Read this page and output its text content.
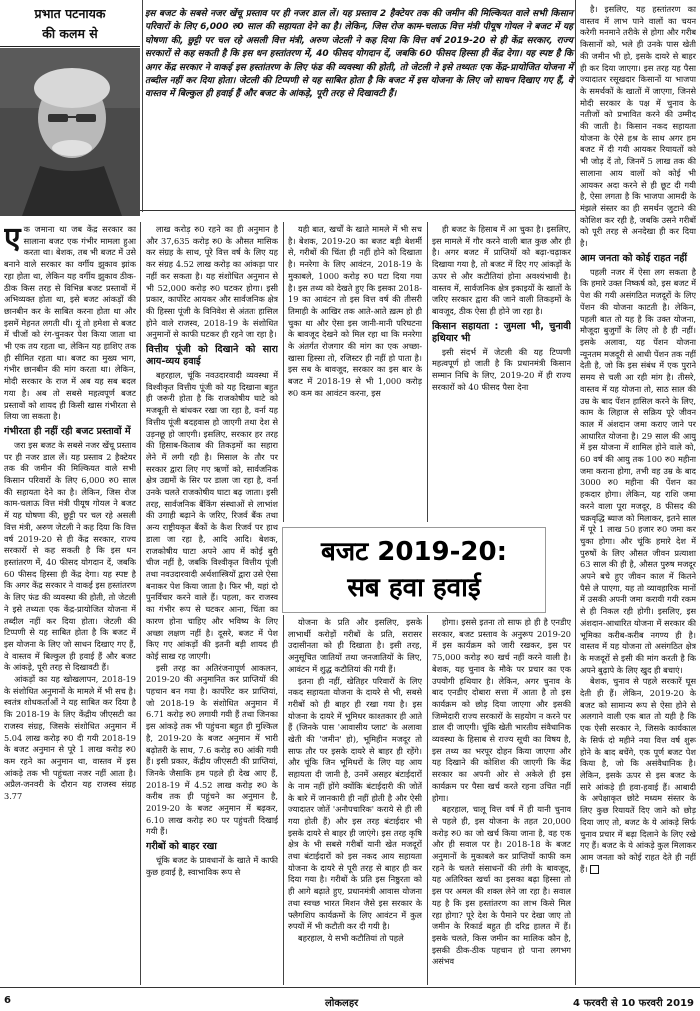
प्रभात पटनायक
की कलम से
इस बजट के सबसे नजर खेंचू प्रस्ताव पर ही नजर डाल लें। यह प्रस्ताव 2 हैक्टेयर तक की जमीन की मिल्कियत वाले सभी किसान परिवारों के लिए 6,000 रु0 साल की सहायता देने का है। लेकिन, जिस रोज काम-चलाऊ वित्त मंत्री पीयूष गोयल ने बजट में यह घोषणा की, छुट्टी पर चल रहे असली वित्त मंत्री, अरुण जेटली ने कह दिया कि वित्त वर्ष 2019-20 से ही केंद्र सरकार, राज्य सरकारों से कह सकती है कि इस धन हस्तांतरण में, 40 फीसद योगदान दें, जबकि 60 फीसद हिस्सा ही केंद्र देगा। यह स्पष्ट है कि अगर केंद्र सरकार ने वाकई इस हस्तांतरण के लिए फंड की व्यवस्था की होती, तो जेटली ने इसे तथ्यतः एक केंद्र-प्रायोजित योजना में तब्दील नहीं कर दिया होता। जेटली की टिप्पणी से यह साबित होता है कि बजट में इस योजना के लिए जो साधन दिखाए गए हैं, वे वास्तव में बिल्कुल ही हवाई हैं और बजट के आंकड़े, पूरी तरह से दिखावटी हैं।
एक जमाना था जब केंद्र सरकार का सालाना बजट एक गंभीर मामला हुआ करता था। बेशक, तब भी बजट में उसे बनाने वाले सरकार का वर्गीय झुकाव झांक रहा होता था, लेकिन यह वर्गीय झुकाव ठीक-ठीक किस तरह से विभिन्न बजट प्रस्तावों में अभिव्यक्त होता था, इसे बजट आंकड़ों की छानबीन कर के साबित करना होता था और इसमें मेहनत लगती थी। यूं तो हमेशा से बजट में चीजों को रंग-चुनकर पेश किया जाता था भी एक तय रहता था, लेकिन यह हाशिए तक ही सीमित रहता था। बजट का मुख्य भाग, गंभीर छानबीन की मांग करता था। लेकिन, मोदी सरकार के राज में अब यह सब बदल गया है। अब तो सबसे महत्वपूर्ण बजट प्रस्तावों को शायद ही किसी खास गंभीरता से लिया जा सकता है।
गंभीरता ही नहीं रही बजट प्रस्तावों में
जरा इस बजट के सबसे नजर खेंचू प्रस्ताव पर ही नजर डाल लें। यह प्रस्ताव 2 हैक्टेयर तक की जमीन की मिल्कियत वाले सभी किसान परिवारों के लिए 6,000 रु0 साल की सहायता देने का है। लेकिन, जिस रोज काम-चलाऊ वित्त मंत्री पीयूष गोयल ने बजट में यह घोषणा की, छुट्टी पर चल रहे असली वित्त मंत्री, अरुण जेटली ने कह दिया कि वित्त वर्ष 2019-20 से ही केंद्र सरकार, राज्य सरकारों से कह सकती है कि इस धन हस्तांतरण में, 40 फीसद योगदान दें, जबकि 60 फीसद हिस्सा ही केंद्र देगा। यह स्पष्ट है कि अगर केंद्र सरकार ने वाकई इस हस्तांतरण के लिए फंड की व्यवस्था की होती, तो जेटली ने इसे तथ्यतः एक केंद्र-प्रायोजित योजना में तब्दील नहीं कर दिया होता। जेटली की टिप्पणी से यह साबित होता है कि बजट में इस योजना के लिए जो साधन दिखाए गए हैं, वे वास्तव में बिल्कुल ही हवाई हैं और बजट के आंकड़े, पूरी तरह से दिखावटी हैं।
आंकड़ों का यह खोखलापन, 2018-19 के संशोधित अनुमानों के मामले में भी सच है। स्वतंत्र शोधकर्ताओं ने यह साबित कर दिया है कि 2018-19 के लिए केंद्रीय जीएसटी का राजस्व संग्रह, जिसके संशोधित अनुमान में 5.04 लाख करोड़ रु0 दी गयी 2018-19 के बजट अनुमान से पूरे 1 लाख करोड़ रु0 कम रहने का अनुमान था, वास्तव में इस आंकड़े तक भी पहुंचता नजर नहीं आता है। अप्रैल-जनवरी के दौरान यह राजस्व संग्रह 3.77
लाख करोड़ रु0 रहने का ही अनुमान है और 37,635 करोड़ रु0 के औसत मासिक कर संग्रह के साथ, पूरे वित्त वर्ष के लिए यह कर संग्रह 4.52 लाख करोड़ का आंकड़ा पार नहीं कर सकता है। यह संशोधित अनुमान से भी 52,000 करोड़ रु0 घटकर होगा। इसी प्रकार, कार्पोरेट आयकर और सार्वजनिक क्षेत्र की हिस्सा पूंजी के विनिवेश से अंततः हासिल होने वाले राजस्व, 2018-19 के संशोधित अनुमानों से काफी घटकर ही रहने जा रहा है।
वित्तीय पूंजी को दिखाने को सारा आय-व्यय हवाई
बहरहाल, चूंकि नवउदारवादी व्यवस्था में विश्वीकृत वित्तीय पूंजी को यह दिखाना बहुत ही जरूरी होता है कि राजकोषीय घाटे को मजबूती से बांधकर रखा जा रहा है, वर्ना यह वित्तीय पूंजी बदहवास हो जाएगी तथा देश से उड़नछू हो जाएगी। इसलिए, सरकार हर तरह की हिसाब-किताब की तिकड़मों का सहारा लेने में लगी रही है। मिसाल के तौर पर सरकार द्वारा लिए गए ऋणों को, सार्वजनिक क्षेत्र उद्यमों के सिर पर डाला जा रहा है, वर्ना उनके चलते राजकोषीय घाटा बढ़ जाता। इसी तरह, सार्वजनिक बैंकिंग संस्थाओं से लाभांश की उगाही बढ़ाने के जरिए, रिजर्व बैंक तथा अन्य राष्ट्रीयकृत बैंकों के कैश रिजर्व पर हाथ डाला जा रहा है, आदि आदि। बेशक, राजकोषीय घाटा अपने आप में कोई बुरी चीज नहीं है, जबकि विश्वीकृत वित्तीय पूंजी तथा नवउदारवादी अर्थशास्त्रियों द्वारा उसे ऐसा बनाकर पेश किया जाता है। फिर भी, यहां दो पुनर्विचार करने वाले हैं। पहला, कर राजस्व का गंभीर रूप से घटकर आना, चिंता का कारण होना चाहिए और भविष्य के लिए अच्छा लक्षण नहीं है। दूसरे, बजट में पेश किए गए आंकड़ों की इतनी बड़ी शायद ही कोई साख रह जाएगी।
इसी तरह का अतिरंजनापूर्ण आकलन, 2019-20 की अनुमानित कर प्राप्तियों की पहचान बन गया है। कार्पोरेट कर प्राप्तियां, जो 2018-19 के संशोधित अनुमान में 6.71 करोड़ रु0 लगायी गयी हैं तथा जिनका इस आंकड़े तक भी पहुंचना बहुत ही मुश्किल है, 2019-20 के बजट अनुमान में भारी बढ़ोतरी के साथ, 7.6 करोड़ रु0 आंकी गयी हैं। इसी प्रकार, केंद्रीय जीएसटी की प्राप्तियां, जिनके जैसाकि हम पहले ही देख आए हैं, 2018-19 में 4.52 लाख करोड़ रु0 के करीब तक ही पहुंचने का अनुमान है, 2019-20 के बजट अनुमान में बढ़कर, 6.10 लाख करोड़ रु0 पर पहुंचती दिखाई गयी हैं।
गरीबों को बाहर रखा
चूंकि बजट के प्रावधानों के खाते में काफी कुछ हवाई है, स्वाभाविक रूप से
यही बात, खर्चों के खाते मामले में भी सच है। बेशक, 2019-20 का बजट बड़ी बेशर्मी से, गरीबों की चिंता ही नहीं होने को दिखाता है। मनरेगा के लिए आवंटन, 2018-19 के मुकाबले, 1000 करोड़ रु0 घटा दिया गया है। इस तथ्य को देखते हुए कि इसका 2018-19 का आवंटन तो इस वित्त वर्ष की तीसरी तिमाही के आखिर तक आते-आते ख़त्म हो ही चुका था और ऐसा इस जानी-मानी परिघटना के बावजूद देखने को मिल रहा था कि मनरेगा के अंतर्गत रोजगार की मांग का एक अच्छा-खासा हिस्सा तो, रजिस्टर ही नहीं हो पाता है। इस सब के बावजूद, सरकार का इस बार के बजट में 2018-19 से भी 1,000 करोड़ रु0 कम का आवंटन करना, इस
ही बजट के हिसाब में आ चुका है। इसलिए, इस मामले में गौर करने वाली बात कुछ और ही है। अगर बजट में प्राप्तियों को बढ़ा-चढ़ाकर दिखाया गया है, तो बजट में दिए गए आंकड़ों के ऊपर से और कटौतियां होना अवश्यंभावी है। वास्तव में, सार्वजनिक क्षेत्र इकाइयों के खातों के जरिए सरकार द्वारा की जाने वाली तिकड़मों के बावजूद, ठीक ऐसा ही होने जा रहा है।
किसान सहायता : जुमला भी, चुनावी हथियार भी
इसी संदर्भ में जेटली की यह टिप्पणी महत्वपूर्ण हो जाती है कि प्रधानमंत्री किसान सम्मान निधि के लिए, 2019-20 में ही राज्य सरकारों को 40 फीसद पैसा देना
योजना के प्रति और इसलिए, इसके लाभार्थी करोड़ों गरीबों के प्रति, सरासर उदासीनता को ही दिखाता है। इसी तरह, अनुसूचित जातियों तथा जनजातियों के लिए, आवंटन में शुद्ध कटौतियां की गयी हैं।
इतना ही नहीं, खेतिहर परिवारों के लिए नकद सहायता योजना के दायरे से भी, सबसे गरीबों को ही बाहर ही रखा गया है। इस योजना के दायरे में भूमिधर काश्तकार ही आते हैं (जिनके पास 'आवासीय प्लाट' के अलावा खेती की 'जमीन' हो), भूमिहीन मजदूर तो साफ तौर पर इसके दायरे से बाहर ही रहेंगे। और चूंकि जिन भूमिधरों के लिए यह आय सहायता दी जानी है, उनमें असहर बंटाईदारों के नाम नहीं होंगे क्योंकि बंटाईदारी की जोतें के बारे में जानकारी ही नहीं होती है और ऐसी ज्यादातर जोतें 'अनौपचारिक' कराये से ही ली गया होती हैं) और इस तरह बंटाईदार भी इसके दायरे से बाहर ही जाएंगे। इस तरह कृषि क्षेत्र के भी सबसे गरीबों यानी खेत मजदूरों तथा बंटाईदारों को इस नकद आय सहायता योजना के दायरे से पूरी तरह से बाहर ही कर दिया गया है। गरीबों के प्रति इस निष्ठुरता को ही आगे बढ़ाते हुए, प्रधानमंत्री आवास योजना तथा स्वच्छ भारत मिशन जैसे इस सरकार के फ्लैगशिप कार्यक्रमों के लिए आवंटन में कुल रुपयों में भी कटौती कर दी गयी है।
बहरहाल, ये सभी कटौतियां तो पहले
होगा। इससे इतना तो साफ हो ही है एनडीए सरकार, बजट प्रस्ताव के अनुरूप 2019-20 में इस कार्यक्रम को जारी रखकर, इस पर 75,000 करोड़ रु0 खर्च नहीं करने वाली है। बेशक, यह चुनाव के मौके पर प्रचार का एक उपयोगी हथियार है। लेकिन, अगर चुनाव के बाद एनडीए दोबारा सत्ता में आता है तो इस कार्यक्रम को छोड़ दिया जाएगा और इसकी जिम्मेदारी राज्य सरकारों के सहयोग न करने पर डाल दी जाएगी। चूंकि खेती भारतीय संवैधानिक व्यवस्था के हिसाब से राज्य सूची का विषय है, इस तथ्य का भरपूर दोहन किया जाएगा और यह दिखाने की कोशिश की जाएगी कि केंद्र सरकार का अपनी ओर से अकेले ही इस कार्यक्रम पर पैसा खर्च करते रहना उचित नहीं होगा।
बहरहाल, चालू वित्त वर्ष में ही यानी चुनाव से पहले ही, इस योजना के तहत 20,000 करोड़ रु0 का जो खर्च किया जाना है, वह एक और ही सवाल पर है। 2018-18 के बजट अनुमानों के मुकाबले कर प्राप्तियों काफी कम रहने के चलते संसाधनों की तंगी के बावजूद, यह अतिरिक्त खर्चा का इसका बढ़ा हिस्सा तो इस पर अमल की शक्ल लेने जा रहा है। सवाल यह है कि इस हस्तांतरण का लाभ किसे मिल रहा होगा? पूरे देश के पैमाने पर देखा जाए तो जमीन के रिकार्ड बहुत ही दरिद्र हालत में हैं। इसके चलते, किस जमीन का मालिक कौन है, इसकी ठीक-ठीक पहचान हो पाना लगभग असंभव
है। इसलिए, यह हस्तांतरण का वास्तव में लाभ पाने वालों का चयन करेगी मनमाने तरीके से होगा और गरीब किसानों को, भले ही उनके पास खेती की जमीन भी हो, इसके दायरे से बाहर ही कर दिया जाएगा। इस तरह यह पैसा ज्यादातर रसूखदार किसानों या भाजपा के समर्थकों के खातों में जाएगा, जिनसे मोदी सरकार के पक्ष में चुनाव के नतीजों को प्रभावित करने की उम्मीद की जाती है। किसान नकद सहायता योजना के ऐसे हश्र के साथ अगर हम बजट में दी गयी आयकर रियायतों को भी जोड़ दें तो, जिनमें 5 लाख तक की सालाना आय वालों को कोई भी आयकर अदा करने से ही छूट दी गयी है, ऐसा लगता है कि भाजपा आमदी के मंझले संस्तर का ही समर्थन जुटाने की कोशिश कर रही है, जबकि उसने गरीबों को पूरी तरह से अनदेखा ही कर दिया है।
आम जनता को कोई राहत नहीं
पहली नजर में ऐसा लग सकता है कि हमारे उक्त निष्कर्ष को, इस बजट में पेश की गयी असंगठित मजदूरों के लिए पेंशन की योजना काटती है। लेकिन, पहली बात तो यह है कि उक्त योजना, मौजूदा बुजुर्गों के लिए तो है ही नहीं। इसके अलावा, यह पेंशन योजना न्यूनतम मजदूरी से आधी पेंशन तक नहीं देती है, जो कि इस संबंध में एक पुराने समय से चली आ रही मांग है। तीसरे, वास्तव में यह योजना तो, साठ साल की उम्र के बाद पेंशन हासिल करने के लिए, काम के लिहाज से सक्रिय पूरे जीवन काल में अंशदान जमा कराए जाने पर आधारित योजना है। 29 साल की आयु में इस योजना में शामिल होने वाले को, 60 वर्ष की आयु तक 100 रु0 महीना जमा कराना होगा, तभी वह उम्र के बाद 3000 रु0 महीना की पेंशन का हकदार होगा। लेकिन, यह राशि जमा करने वाला पूरा मजदूर, 8 फीसद की चक्रवृद्धि ब्याज को मिलाकर, इतने साल में पूरे 1 लाख 50 हजार रु0 जमा कर चुका होगा। और चूंकि हमारे देश में पुरुषों के लिए औसत जीवन प्रत्याशा 63 साल की ही है, औसत पुरुष मजदूर अपने बचे हुए जीवन काल में कितने पैसे ले पाएगा, यह तो व्यावहारिक मानों में उसकी अपनी जमा करायी गयी रकम से ही निकल रही होगी। इसलिए, इस अंशदान-आधारित योजना में सरकार की भूमिका करीब-करीब नगण्य ही है। वास्तव में यह योजना तो असंगठित क्षेत्र के मजदूरों से इसी की मांग करती है कि अपने बुढ़ापे के लिए खुद ही बचाएं।
बेशक, चुनाव से पहले सरकारें घूस देती ही हैं। लेकिन, 2019-20 के बजट को सामान्य रूप से ऐसा होने से अलगाने वाली एक बात तो यही है कि एक ऐसी सरकार ने, जिसके कार्यकाल के सिर्फ दो महीने नया वित्त वर्ष शुरू होने के बाद बचेंगे, एक पूर्ण बजट पेश किया है, जो कि असंवैधानिक है। लेकिन, इसके ऊपर से इस बजट के सारे आंकड़े ही हवा-हवाई हैं। आबादी के अपेक्षाकृत छोटे मध्यम संस्तर के लिए कुछ रियायतें दिए जाने को छोड़ दिया जाए तो, बजट के ये आंकड़े सिर्फ चुनाव प्रचार में बढ़ा दिलाने के लिए रखे गए हैं। बजट के ये आंकड़े कुल मिलाकर आम जनता को कोई राहत देते ही नहीं हैं।
बजट 2019-20:
सब हवा हवाई
6	लोकलहर	4 फरवरी से 10 फरवरी 2019
